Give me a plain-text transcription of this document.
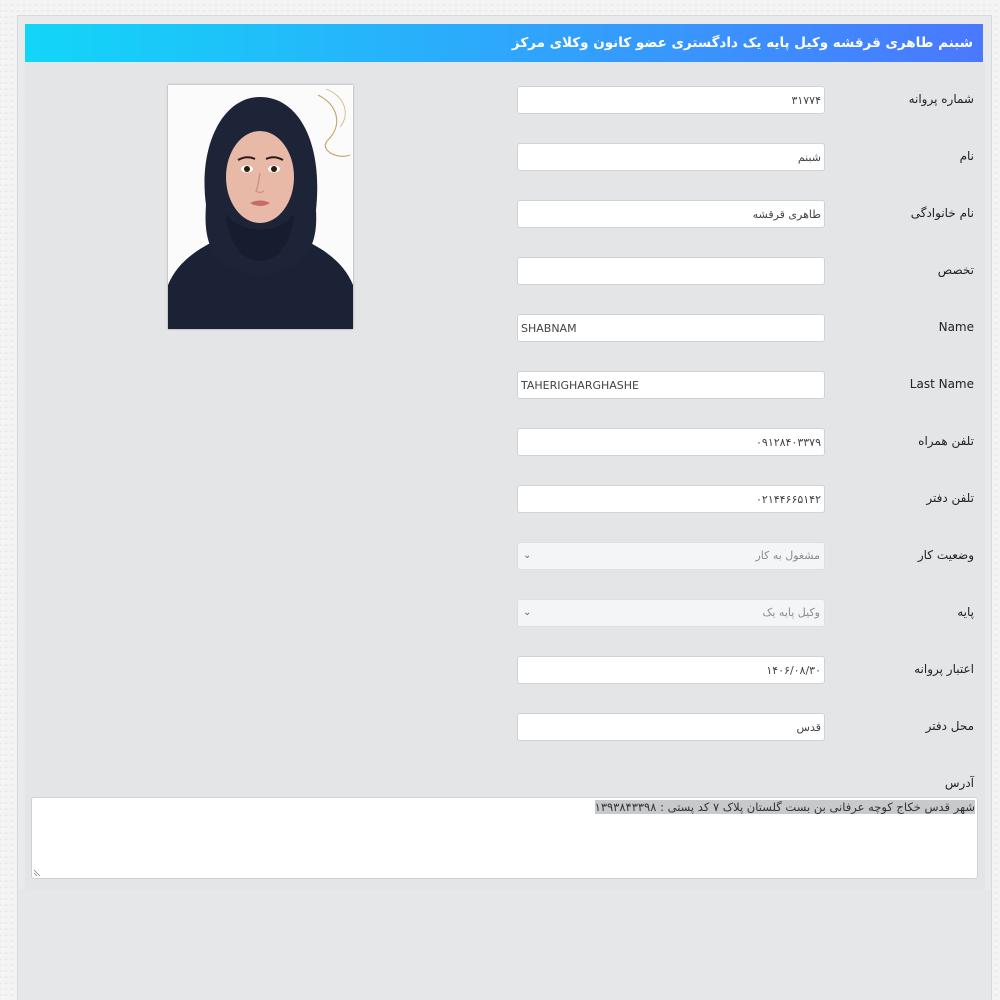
شبنم طاهری قرقشه وکیل پایه یک دادگستری عضو کانون وکلای مرکز
شماره پروانه
۳۱۷۷۴
نام
شبنم
نام خانوادگی
طاهری قرقشه
تخصص
Name
SHABNAM
Last Name
TAHERIGHARGHASHE
تلفن همراه
۰۹۱۲۸۴۰۳۳۷۹
تلفن دفتر
۰۲۱۴۴۶۶۵۱۴۲
وضعیت کار
مشغول به کار
⌄
پایه
وکیل پایه یک
⌄
اعتبار پروانه
۱۴۰۶/۰۸/۳۰
محل دفتر
قدس
آدرس
شهر قدس خکاج کوچه عرفانی بن بست گلستان پلاک ۷ کد پستی : ۱۳۹۳۸۴۳۳۹۸
